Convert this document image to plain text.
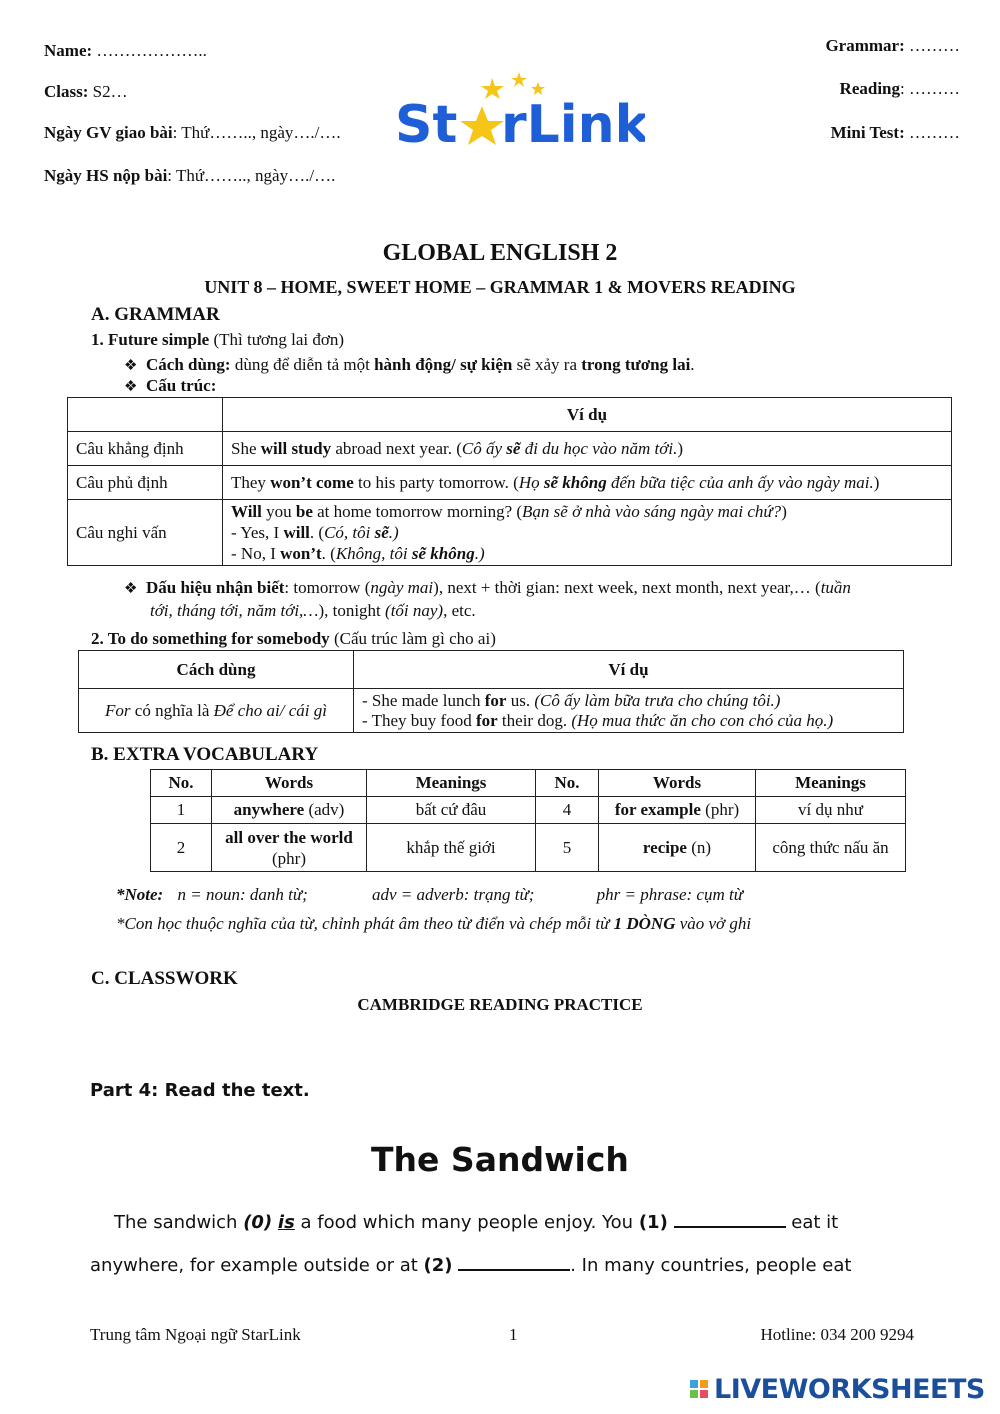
Name: ………………..
Class: S2…
Ngày GV giao bài: Thứ…….., ngày…./….
Ngày HS nộp bài: Thứ…….., ngày…./….
Grammar: ………
Reading: ………
Mini Test: ………
St rLink
GLOBAL ENGLISH 2
UNIT 8 – HOME, SWEET HOME – GRAMMAR 1 & MOVERS READING
A. GRAMMAR
1. Future simple (Thì tương lai đơn)
❖ Cách dùng: dùng để diễn tả một hành động/ sự kiện sẽ xảy ra trong tương lai.
❖ Cấu trúc:
	Ví dụ
Câu khẳng định	She will study abroad next year. (Cô ấy sẽ đi du học vào năm tới.)
Câu phủ định	They won’t come to his party tomorrow. (Họ sẽ không đến bữa tiệc của anh ấy vào ngày mai.)
Câu nghi vấn	Will you be at home tomorrow morning? (Bạn sẽ ở nhà vào sáng ngày mai chứ?)
- Yes, I will. (Có, tôi sẽ.)
- No, I won’t. (Không, tôi sẽ không.)
❖ Dấu hiệu nhận biết: tomorrow (ngày mai), next + thời gian: next week, next month, next year,… (tuần
tới, tháng tới, năm tới,…), tonight (tối nay), etc.
2. To do something for somebody (Cấu trúc làm gì cho ai)
Cách dùng	Ví dụ
For có nghĩa là Để cho ai/ cái gì	- She made lunch for us. (Cô ấy làm bữa trưa cho chúng tôi.)
- They buy food for their dog. (Họ mua thức ăn cho con chó của họ.)
B. EXTRA VOCABULARY
No.	Words	Meanings	No.	Words	Meanings
1	anywhere (adv)	bất cứ đâu	4	for example (phr)	ví dụ như
2	all over the world
(phr)	khắp thế giới	5	recipe (n)	công thức nấu ăn
*Note: n = noun: danh từ;	adv = adverb: trạng từ;	phr = phrase: cụm từ
*Con học thuộc nghĩa của từ, chỉnh phát âm theo từ điển và chép mỗi từ 1 DÒNG vào vở ghi
C. CLASSWORK
CAMBRIDGE READING PRACTICE
Part 4: Read the text.
The Sandwich
The sandwich (0) is a food which many people enjoy. You (1)	eat it
anywhere, for example outside or at (2)	. In many countries, people eat
Trung tâm Ngoại ngữ StarLink	1	Hotline: 034 200 9294
LIVEWORKSHEETS
